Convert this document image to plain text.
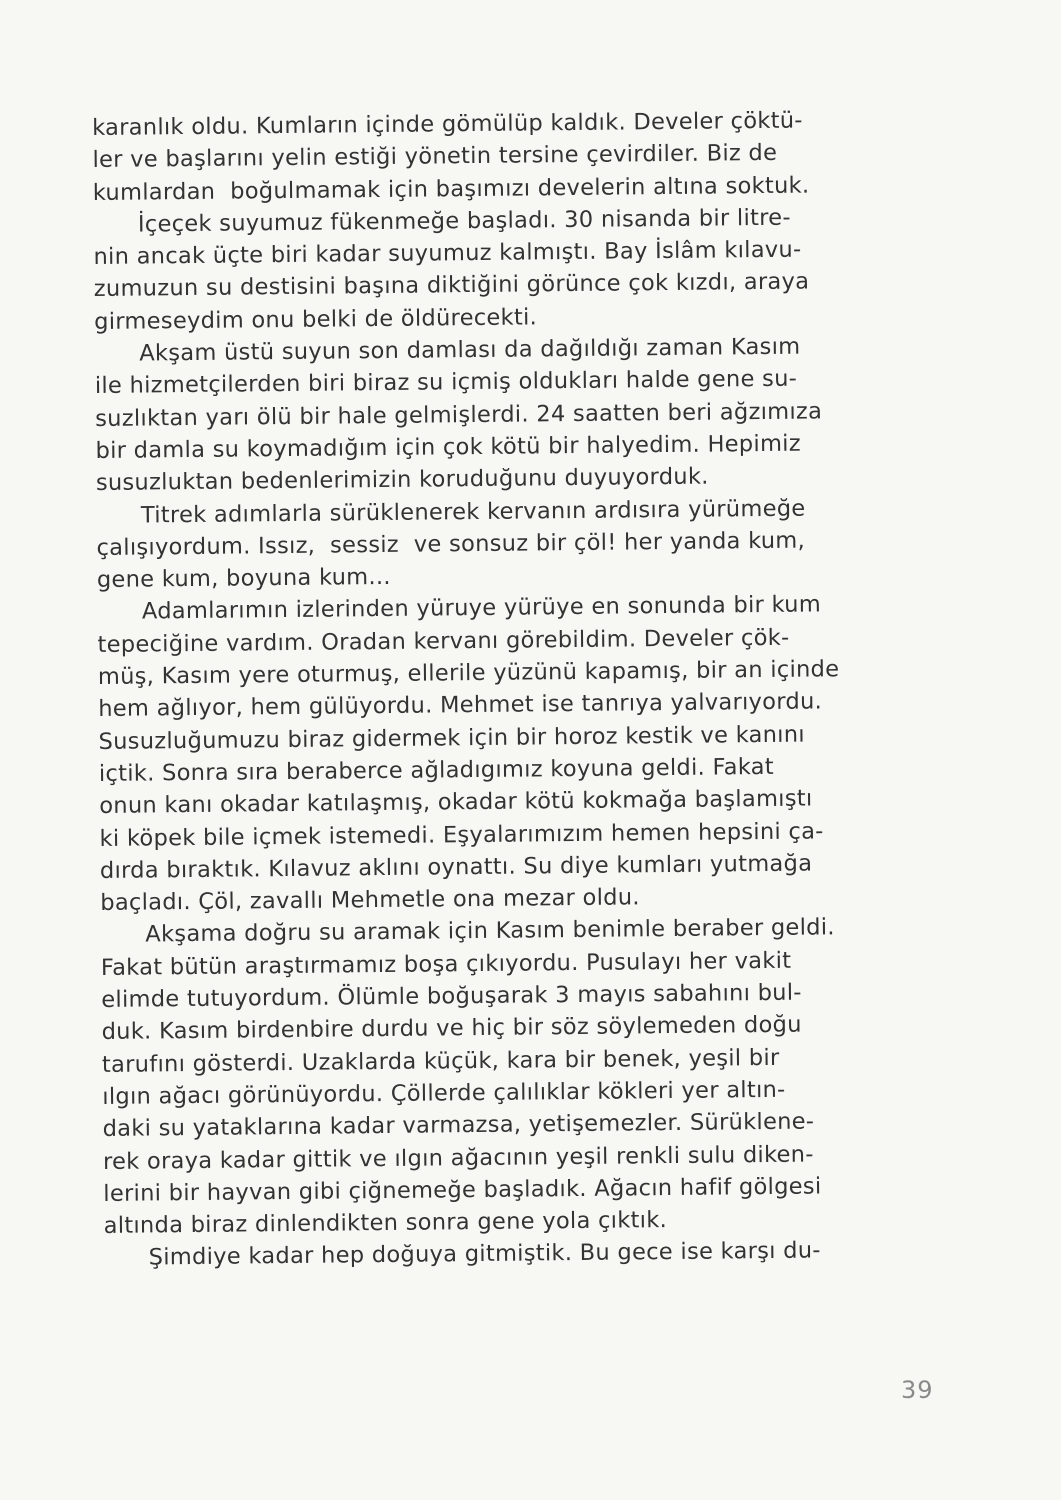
karanlık oldu. Kumların içinde gömülüp kaldık. Develer çöktü-
ler ve başlarını yelin estiği yönetin tersine çevirdiler. Biz de
kumlardan  boğulmamak için başımızı develerin altına soktuk.
İçeçek suyumuz fükenmeğe başladı. 30 nisanda bir litre-
nin ancak üçte biri kadar suyumuz kalmıştı. Bay İslâm kılavu-
zumuzun su destisini başına diktiğini görünce çok kızdı, araya
girmeseydim onu belki de öldürecekti.
Akşam üstü suyun son damlası da dağıldığı zaman Kasım
ile hizmetçilerden biri biraz su içmiş oldukları halde gene su-
suzlıktan yarı ölü bir hale gelmişlerdi. 24 saatten beri ağzımıza
bir damla su koymadığım için çok kötü bir halyedim. Hepimiz
susuzluktan bedenlerimizin koruduğunu duyuyorduk.
Titrek adımlarla sürüklenerek kervanın ardısıra yürümeğe
çalışıyordum. Issız,  sessiz  ve sonsuz bir çöl! her yanda kum,
gene kum, boyuna kum...
Adamlarımın izlerinden yüruye yürüye en sonunda bir kum
tepeciğine vardım. Oradan kervanı görebildim. Develer çök-
müş, Kasım yere oturmuş, ellerile yüzünü kapamış, bir an içinde
hem ağlıyor, hem gülüyordu. Mehmet ise tanrıya yalvarıyordu.
Susuzluğumuzu biraz gidermek için bir horoz kestik ve kanını
içtik. Sonra sıra beraberce ağladıgımız koyuna geldi. Fakat
onun kanı okadar katılaşmış, okadar kötü kokmağa başlamıştı
ki köpek bile içmek istemedi. Eşyalarımızım hemen hepsini ça-
dırda bıraktık. Kılavuz aklını oynattı. Su diye kumları yutmağa
baçladı. Çöl, zavallı Mehmetle ona mezar oldu.
Akşama doğru su aramak için Kasım benimle beraber geldi.
Fakat bütün araştırmamız boşa çıkıyordu. Pusulayı her vakit
elimde tutuyordum. Ölümle boğuşarak 3 mayıs sabahını bul-
duk. Kasım birdenbire durdu ve hiç bir söz söylemeden doğu
tarufını gösterdi. Uzaklarda küçük, kara bir benek, yeşil bir
ılgın ağacı görünüyordu. Çöllerde çalılıklar kökleri yer altın-
daki su yataklarına kadar varmazsa, yetişemezler. Sürüklene-
rek oraya kadar gittik ve ılgın ağacının yeşil renkli sulu diken-
lerini bir hayvan gibi çiğnemeğe başladık. Ağacın hafif gölgesi
altında biraz dinlendikten sonra gene yola çıktık.
Şimdiye kadar hep doğuya gitmiştik. Bu gece ise karşı du-
39
